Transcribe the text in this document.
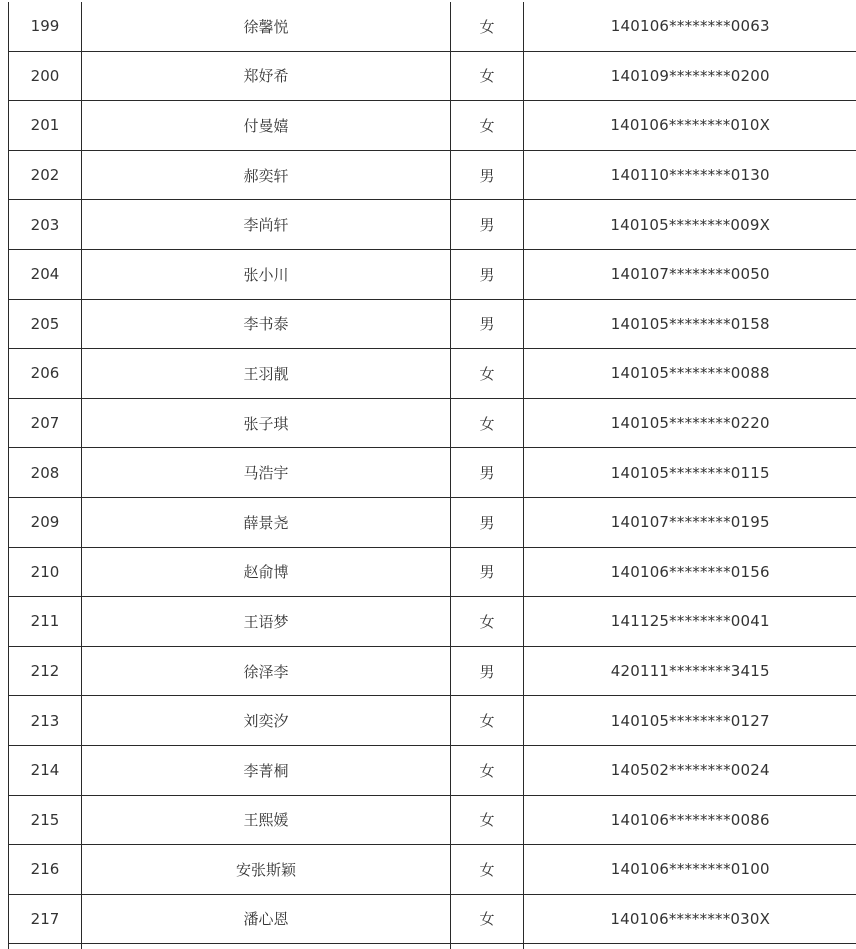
199	徐馨悦	女	140106********0063
200	郑妤希	女	140109********0200
201	付曼嬉	女	140106********010X
202	郝奕轩	男	140110********0130
203	李尚轩	男	140105********009X
204	张小川	男	140107********0050
205	李书泰	男	140105********0158
206	王羽靓	女	140105********0088
207	张子琪	女	140105********0220
208	马浩宇	男	140105********0115
209	薛景尧	男	140107********0195
210	赵俞博	男	140106********0156
211	王语梦	女	141125********0041
212	徐泽李	男	420111********3415
213	刘奕汐	女	140105********0127
214	李菁桐	女	140502********0024
215	王熙媛	女	140106********0086
216	安张斯颖	女	140106********0100
217	潘心恩	女	140106********030X
